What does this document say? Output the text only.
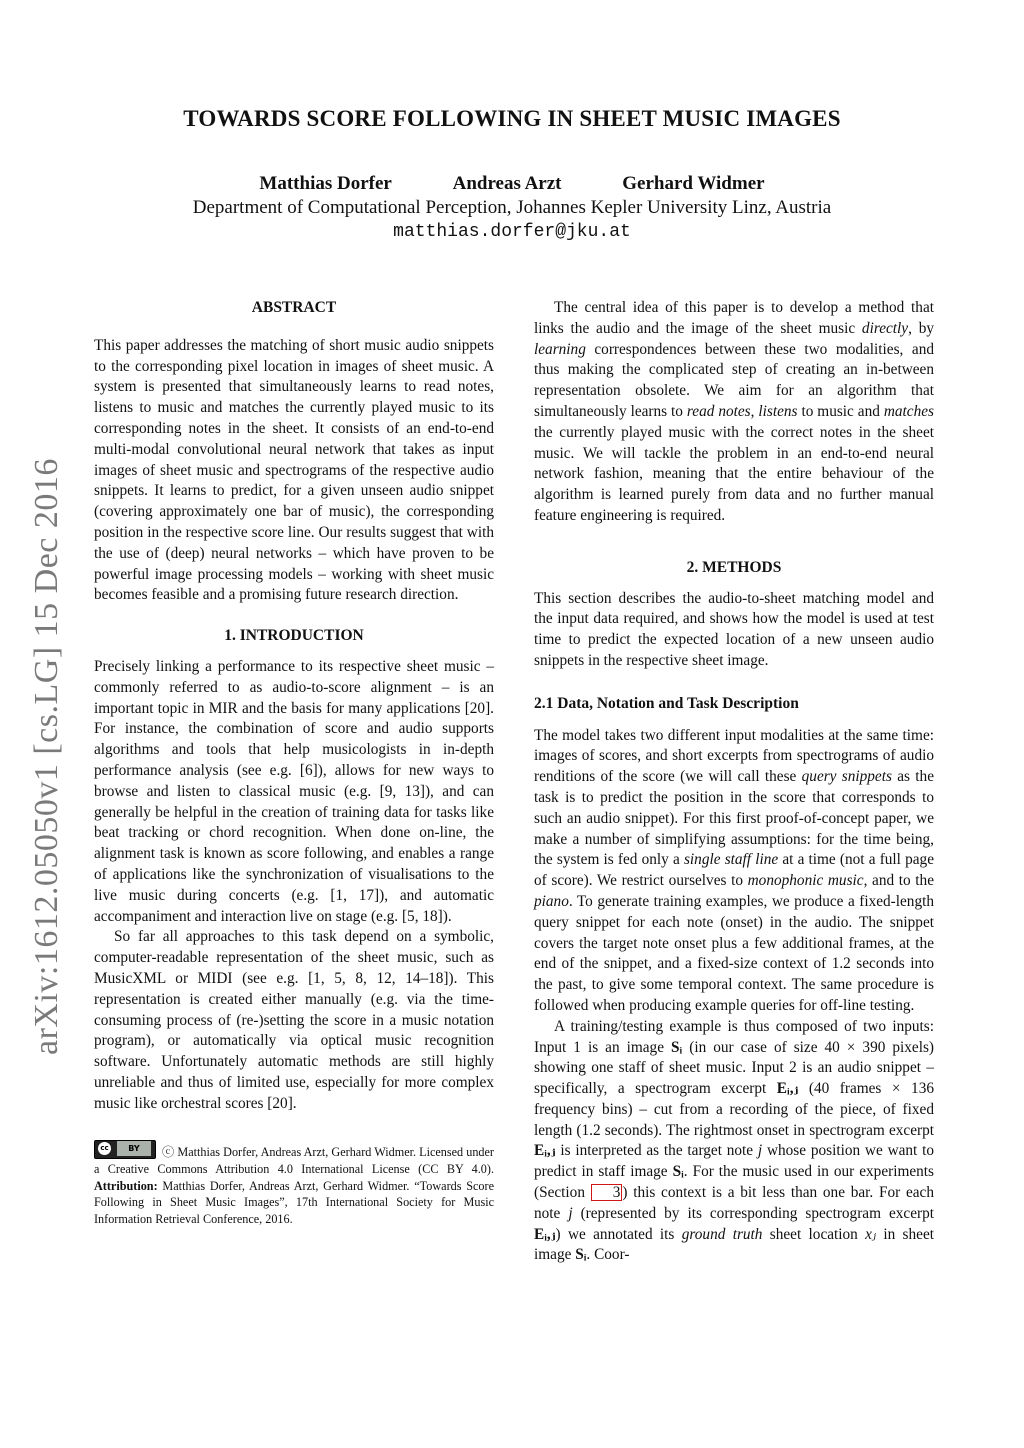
arXiv:1612.05050v1 [cs.LG] 15 Dec 2016
TOWARDS SCORE FOLLOWING IN SHEET MUSIC IMAGES
Matthias Dorfer	Andreas Arzt	Gerhard Widmer
Department of Computational Perception, Johannes Kepler University Linz, Austria
matthias.dorfer@jku.at

ABSTRACT

This paper addresses the matching of short music audio snippets to the corresponding pixel location in images of sheet music. A system is presented that simultaneously learns to read notes, listens to music and matches the currently played music to its corresponding notes in the sheet. It consists of an end-to-end multi-modal convolutional neural network that takes as input images of sheet music and spectrograms of the respective audio snippets. It learns to predict, for a given unseen audio snippet (covering approximately one bar of music), the corresponding position in the respective score line. Our results suggest that with the use of (deep) neural networks – which have proven to be powerful image processing models – working with sheet music becomes feasible and a promising future research direction.

1. INTRODUCTION

Precisely linking a performance to its respective sheet music – commonly referred to as audio-to-score alignment – is an important topic in MIR and the basis for many applications [20]. For instance, the combination of score and audio supports algorithms and tools that help musicologists in in-depth performance analysis (see e.g. [6]), allows for new ways to browse and listen to classical music (e.g. [9, 13]), and can generally be helpful in the creation of training data for tasks like beat tracking or chord recognition. When done on-line, the alignment task is known as score following, and enables a range of applications like the synchronization of visualisations to the live music during concerts (e.g. [1, 17]), and automatic accompaniment and interaction live on stage (e.g. [5, 18]).

So far all approaches to this task depend on a symbolic, computer-readable representation of the sheet music, such as MusicXML or MIDI (see e.g. [1, 5, 8, 12, 14–18]). This representation is created either manually (e.g. via the time-consuming process of (re-)setting the score in a music notation program), or automatically via optical music recognition software. Unfortunately automatic methods are still highly unreliable and thus of limited use, especially for more complex music like orchestral scores [20].

cc	BY	ⓒ Matthias Dorfer, Andreas Arzt, Gerhard Widmer. Licensed under a Creative Commons Attribution 4.0 International License (CC BY 4.0). Attribution: Matthias Dorfer, Andreas Arzt, Gerhard Widmer. “Towards Score Following in Sheet Music Images”, 17th International Society for Music Information Retrieval Conference, 2016.

The central idea of this paper is to develop a method that links the audio and the image of the sheet music directly, by learning correspondences between these two modalities, and thus making the complicated step of creating an in-between representation obsolete. We aim for an algorithm that simultaneously learns to read notes, listens to music and matches the currently played music with the correct notes in the sheet music. We will tackle the problem in an end-to-end neural network fashion, meaning that the entire behaviour of the algorithm is learned purely from data and no further manual feature engineering is required.

2. METHODS

This section describes the audio-to-sheet matching model and the input data required, and shows how the model is used at test time to predict the expected location of a new unseen audio snippets in the respective sheet image.

2.1 Data, Notation and Task Description

The model takes two different input modalities at the same time: images of scores, and short excerpts from spectrograms of audio renditions of the score (we will call these query snippets as the task is to predict the position in the score that corresponds to such an audio snippet). For this first proof-of-concept paper, we make a number of simplifying assumptions: for the time being, the system is fed only a single staff line at a time (not a full page of score). We restrict ourselves to monophonic music, and to the piano. To generate training examples, we produce a fixed-length query snippet for each note (onset) in the audio. The snippet covers the target note onset plus a few additional frames, at the end of the snippet, and a fixed-size context of 1.2 seconds into the past, to give some temporal context. The same procedure is followed when producing example queries for off-line testing.

A training/testing example is thus composed of two inputs: Input 1 is an image Sᵢ (in our case of size 40 × 390 pixels) showing one staff of sheet music. Input 2 is an audio snippet – specifically, a spectrogram excerpt Eᵢ,ⱼ (40 frames × 136 frequency bins) – cut from a recording of the piece, of fixed length (1.2 seconds). The rightmost onset in spectrogram excerpt Eᵢ,ⱼ is interpreted as the target note j whose position we want to predict in staff image Sᵢ. For the music used in our experiments (Section 3 ) this context is a bit less than one bar. For each note j (represented by its corresponding spectrogram excerpt Eᵢ,ⱼ) we annotated its ground truth sheet location xⱼ in sheet image Sᵢ. Coor-
